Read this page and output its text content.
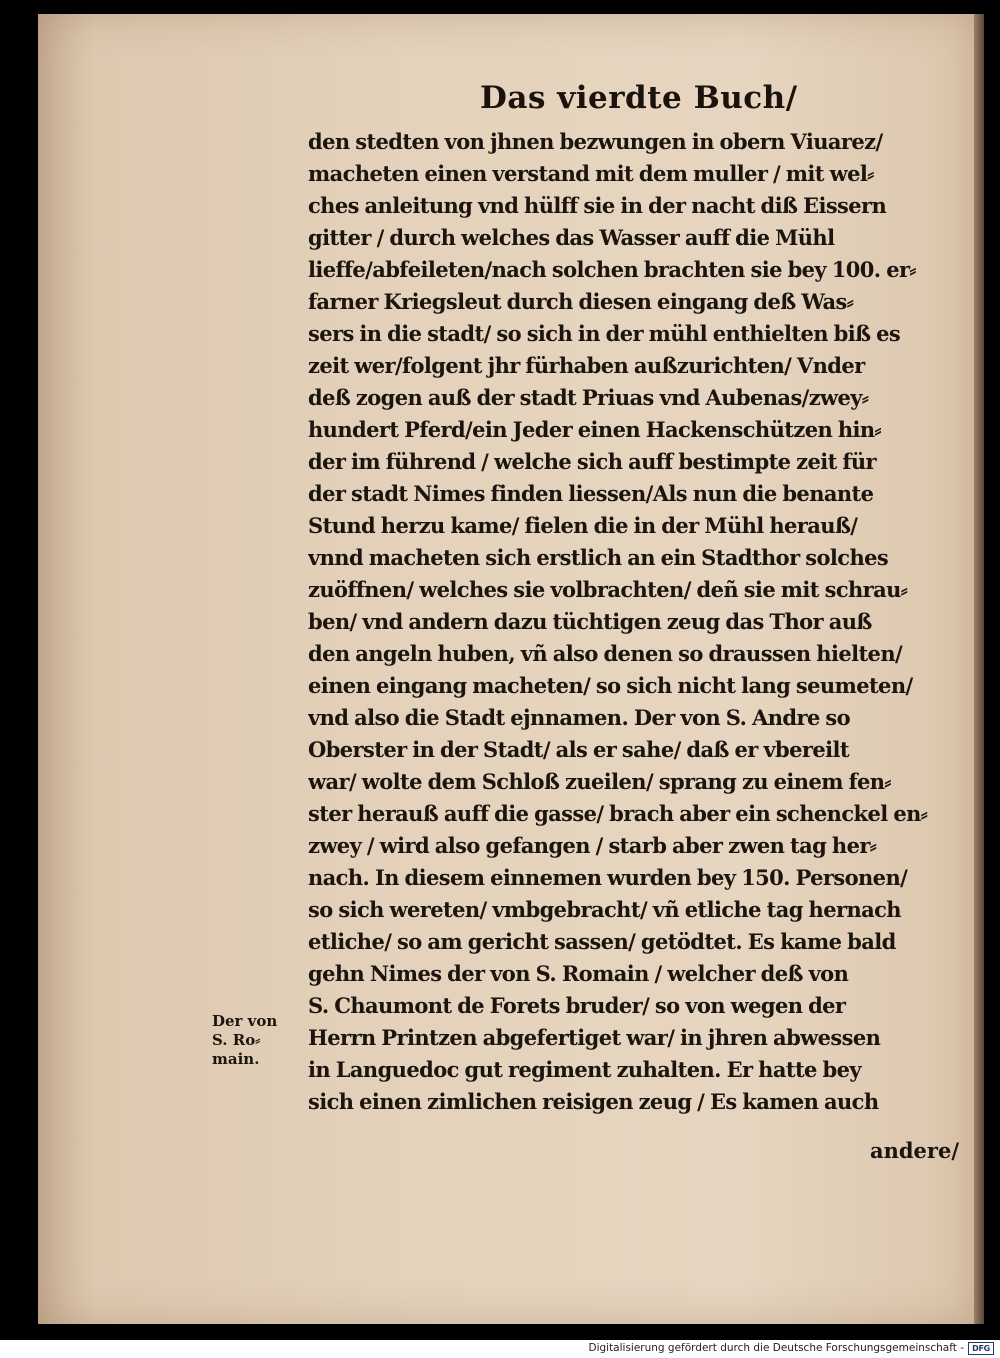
Das vierdte Buch/
den stedten von jhnen bezwungen in obern Viuarez/
macheten einen verstand mit dem muller / mit wel⸗
ches anleitung vnd hülff sie in der nacht diß Eissern
gitter / durch welches das Wasser auff die Mühl
lieffe/abfeileten/nach solchen brachten sie bey 100. er⸗
farner Kriegsleut durch diesen eingang deß Was⸗
sers in die stadt/ so sich in der mühl enthielten biß es
zeit wer/folgent jhr fürhaben außzurichten/ Vnder
deß zogen auß der stadt Priuas vnd Aubenas/zwey⸗
hundert Pferd/ein Jeder einen Hackenschützen hin⸗
der im führend / welche sich auff bestimpte zeit für
der stadt Nimes finden liessen/Als nun die benante
Stund herzu kame/ fielen die in der Mühl herauß/
vnnd macheten sich erstlich an ein Stadthor solches
zuöffnen/ welches sie volbrachten/ deñ sie mit schrau⸗
ben/ vnd andern dazu tüchtigen zeug das Thor auß
den angeln huben, vñ also denen so draussen hielten/
einen eingang macheten/ so sich nicht lang seumeten/
vnd also die Stadt ejnnamen. Der von S. Andre so
Oberster in der Stadt/ als er sahe/ daß er vbereilt
war/ wolte dem Schloß zueilen/ sprang zu einem fen⸗
ster herauß auff die gasse/ brach aber ein schenckel en⸗
zwey / wird also gefangen / starb aber zwen tag her⸗
nach. In diesem einnemen wurden bey 150. Personen/
so sich wereten/ vmbgebracht/ vñ etliche tag hernach
etliche/ so am gericht sassen/ getödtet. Es kame bald
gehn Nimes der von S. Romain / welcher deß von
S. Chaumont de Forets bruder/ so von wegen der
Herrn Printzen abgefertiget war/ in jhren abwessen
in Languedoc gut regiment zuhalten. Er hatte bey
sich einen zimlichen reisigen zeug / Es kamen auch
andere/
Der von
S. Ro⸗
main.
Digitalisierung gefördert durch die Deutsche Forschungsgemeinschaft -	DFG
